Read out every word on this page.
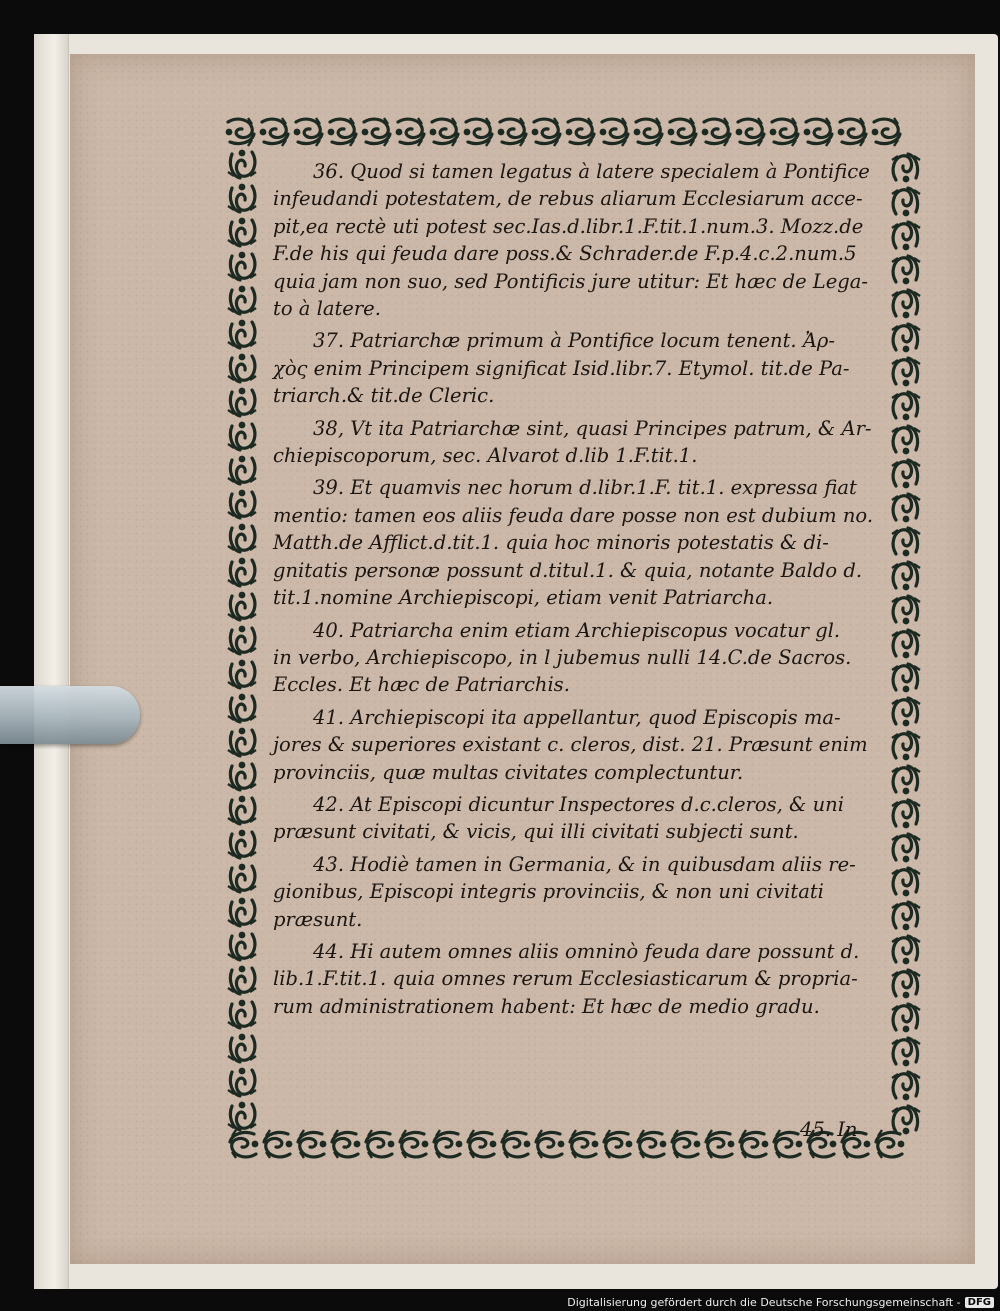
36. Quod si tamen legatus à latere specialem à Pontifice
infeudandi potestatem, de rebus aliarum Ecclesiarum acce-
pit,ea rectè uti potest sec.Ias.d.libr.1.F.tit.1.num.3. Mozz.de
F.de his qui feuda dare poss.& Schrader.de F.p.4.c.2.num.5
quia jam non suo, sed Pontificis jure utitur: Et hæc de Lega-
to à latere.
37. Patriarchæ primum à Pontifice locum tenent. Ἀρ-
χὸς enim Principem significat Isid.libr.7. Etymol. tit.de Pa-
triarch.& tit.de Cleric.
38, Vt ita Patriarchæ sint, quasi Principes patrum, & Ar-
chiepiscoporum, sec. Alvarot d.lib 1.F.tit.1.
39. Et quamvis nec horum d.libr.1.F. tit.1. expressa fiat
mentio: tamen eos aliis feuda dare posse non est dubium no.
Matth.de Afflict.d.tit.1. quia hoc minoris potestatis & di-
gnitatis personæ possunt d.titul.1. & quia, notante Baldo d.
tit.1.nomine Archiepiscopi, etiam venit Patriarcha.
40. Patriarcha enim etiam Archiepiscopus vocatur gl.
in verbo, Archiepiscopo, in l jubemus nulli 14.C.de Sacros.
Eccles. Et hæc de Patriarchis.
41. Archiepiscopi ita appellantur, quod Episcopis ma-
jores & superiores existant c. cleros, dist. 21. Præsunt enim
provinciis, quæ multas civitates complectuntur.
42. At Episcopi dicuntur Inspectores d.c.cleros, & uni
præsunt civitati, & vicis, qui illi civitati subjecti sunt.
43. Hodiè tamen in Germania, & in quibusdam aliis re-
gionibus, Episcopi integris provinciis, & non uni civitati
præsunt.
44. Hi autem omnes aliis omninò feuda dare possunt d.
lib.1.F.tit.1. quia omnes rerum Ecclesiasticarum & propria-
rum administrationem habent: Et hæc de medio gradu.
45. In
Digitalisierung gefördert durch die Deutsche Forschungsgemeinschaft - DFG
